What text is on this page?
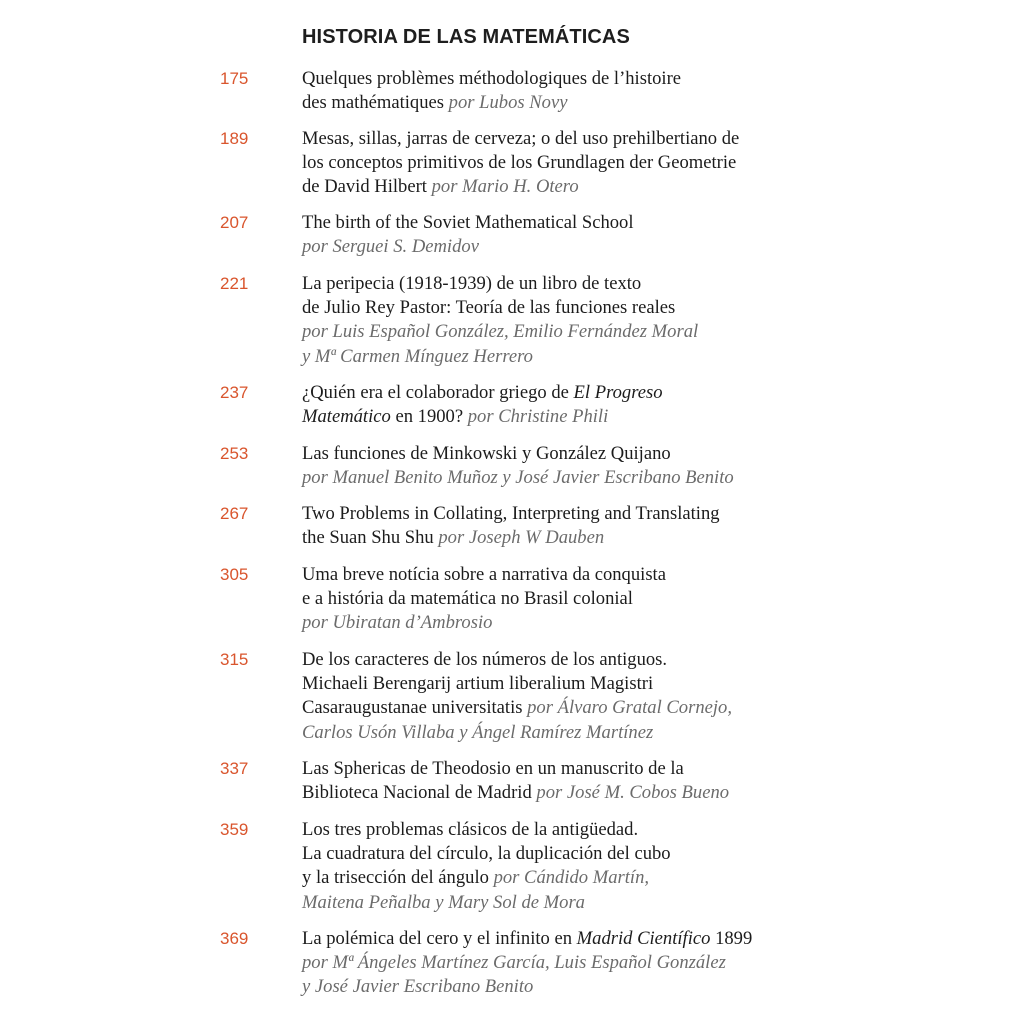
HISTORIA DE LAS MATEMÁTICAS
175	Quelques problèmes méthodologiques de l’histoire
des mathématiques por Lubos Novy
189	Mesas, sillas, jarras de cerveza; o del uso prehilbertiano de
los conceptos primitivos de los Grundlagen der Geometrie
de David Hilbert por Mario H. Otero
207	The birth of the Soviet Mathematical School
por Serguei S. Demidov
221	La peripecia (1918-1939) de un libro de texto
de Julio Rey Pastor: Teoría de las funciones reales
por Luis Español González, Emilio Fernández Moral
y Mª Carmen Mínguez Herrero
237	¿Quién era el colaborador griego de El Progreso
Matemático en 1900? por Christine Phili
253	Las funciones de Minkowski y González Quijano
por Manuel Benito Muñoz y José Javier Escribano Benito
267	Two Problems in Collating, Interpreting and Translating
the Suan Shu Shu por Joseph W Dauben
305	Uma breve notícia sobre a narrativa da conquista
e a história da matemática no Brasil colonial
por Ubiratan d’Ambrosio
315	De los caracteres de los números de los antiguos.
Michaeli Berengarij artium liberalium Magistri
Casaraugustanae universitatis por Álvaro Gratal Cornejo,
Carlos Usón Villaba y Ángel Ramírez Martínez
337	Las Sphericas de Theodosio en un manuscrito de la
Biblioteca Nacional de Madrid por José M. Cobos Bueno
359	Los tres problemas clásicos de la antigüedad.
La cuadratura del círculo, la duplicación del cubo
y la trisección del ángulo por Cándido Martín,
Maitena Peñalba y Mary Sol de Mora
369	La polémica del cero y el infinito en Madrid Científico 1899
por Mª Ángeles Martínez García, Luis Español González
y José Javier Escribano Benito
